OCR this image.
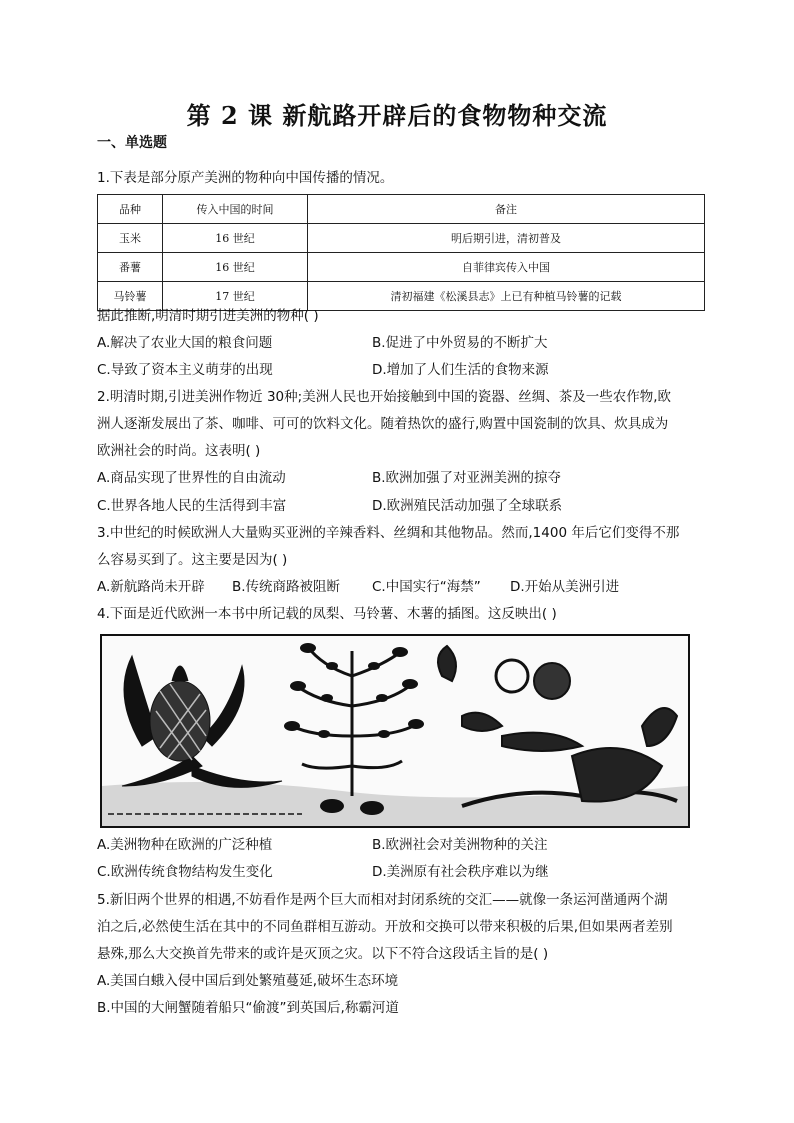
第 2 课 新航路开辟后的食物物种交流
一、单选题
1.下表是部分原产美洲的物种向中国传播的情况。
品种	传入中国的时间	备注
玉米	16 世纪	明后期引进，清初普及
番薯	16 世纪	自菲律宾传入中国
马铃薯	17 世纪	清初福建《松溪县志》上已有种植马铃薯的记载
据此推断,明清时期引进美洲的物种( )
A.解决了农业大国的粮食问题	B.促进了中外贸易的不断扩大
C.导致了资本主义萌芽的出现	D.增加了人们生活的食物来源
2.明清时期,引进美洲作物近 30种;美洲人民也开始接触到中国的瓷器、丝绸、茶及一些农作物,欧
洲人逐渐发展出了茶、咖啡、可可的饮料文化。随着热饮的盛行,购置中国瓷制的饮具、炊具成为
欧洲社会的时尚。这表明( )
A.商品实现了世界性的自由流动	B.欧洲加强了对亚洲美洲的掠夺
C.世界各地人民的生活得到丰富	D.欧洲殖民活动加强了全球联系
3.中世纪的时候欧洲人大量购买亚洲的辛辣香料、丝绸和其他物品。然而,1400 年后它们变得不那
么容易买到了。这主要是因为( )
A.新航路尚未开辟 B.传统商路被阻断 C.中国实行“海禁” D.开始从美洲引进
4.下面是近代欧洲一本书中所记载的凤梨、马铃薯、木薯的插图。这反映出( )
A.美洲物种在欧洲的广泛种植	B.欧洲社会对美洲物种的关注
C.欧洲传统食物结构发生变化	D.美洲原有社会秩序难以为继
5.新旧两个世界的相遇,不妨看作是两个巨大而相对封闭系统的交汇——就像一条运河凿通两个湖
泊之后,必然使生活在其中的不同鱼群相互游动。开放和交换可以带来积极的后果,但如果两者差别
悬殊,那么大交换首先带来的或许是灭顶之灾。以下不符合这段话主旨的是( )
A.美国白蛾入侵中国后到处繁殖蔓延,破坏生态环境
B.中国的大闸蟹随着船只“偷渡”到英国后,称霸河道
